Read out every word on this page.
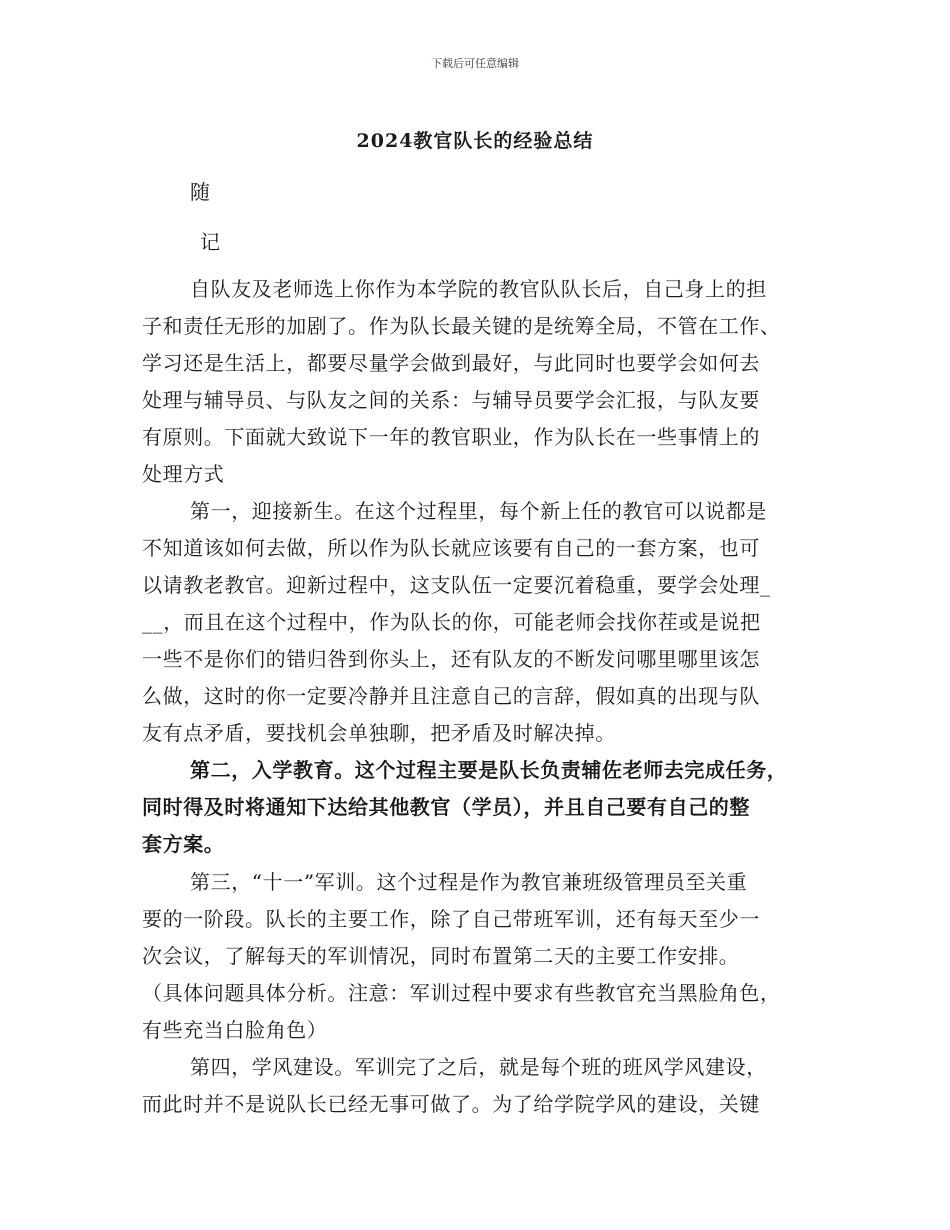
下载后可任意编辑
2024教官队长的经验总结
随
记
自队友及老师选上你作为本学院的教官队队长后，自己身上的担
子和责任无形的加剧了。作为队长最关键的是统筹全局，不管在工作、
学习还是生活上，都要尽量学会做到最好，与此同时也要学会如何去
处理与辅导员、与队友之间的关系：与辅导员要学会汇报，与队友要
有原则。下面就大致说下一年的教官职业，作为队长在一些事情上的
处理方式
第一，迎接新生。在这个过程里，每个新上任的教官可以说都是
不知道该如何去做，所以作为队长就应该要有自己的一套方案，也可
以请教老教官。迎新过程中，这支队伍一定要沉着稳重，要学会处理_
__，而且在这个过程中，作为队长的你，可能老师会找你茬或是说把
一些不是你们的错归咎到你头上，还有队友的不断发问哪里哪里该怎
么做，这时的你一定要冷静并且注意自己的言辞，假如真的出现与队
友有点矛盾，要找机会单独聊，把矛盾及时解决掉。
第二，入学教育。这个过程主要是队长负责辅佐老师去完成任务，
同时得及时将通知下达给其他教官（学员），并且自己要有自己的整
套方案。
第三，“十一”军训。这个过程是作为教官兼班级管理员至关重
要的一阶段。队长的主要工作，除了自己带班军训，还有每天至少一
次会议，了解每天的军训情况，同时布置第二天的主要工作安排。
（具体问题具体分析。注意：军训过程中要求有些教官充当黑脸角色，
有些充当白脸角色）
第四，学风建设。军训完了之后，就是每个班的班风学风建设，
而此时并不是说队长已经无事可做了。为了给学院学风的建设，关键
